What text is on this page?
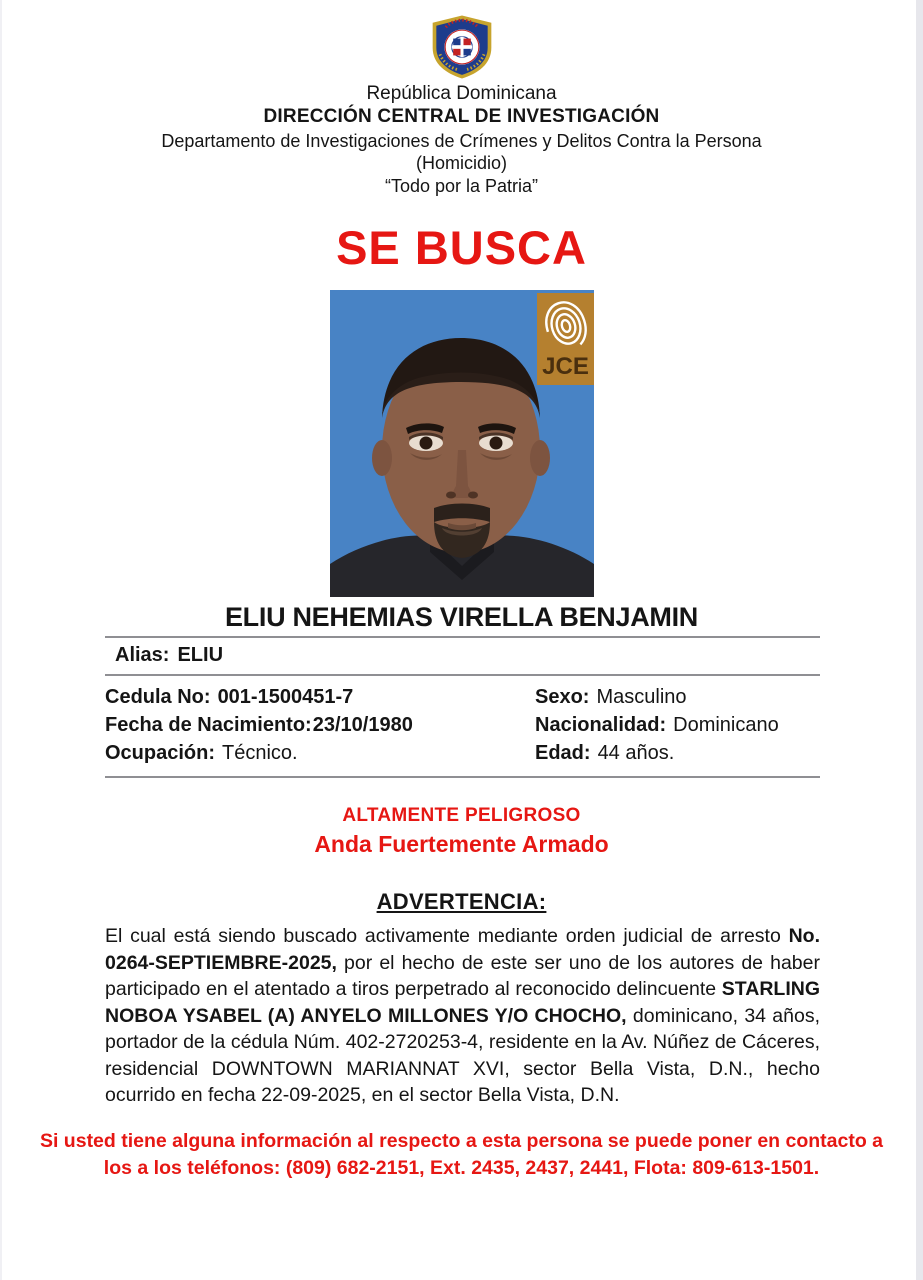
República Dominicana
DIRECCIÓN CENTRAL DE INVESTIGACIÓN
Departamento de Investigaciones de Crímenes y Delitos Contra la Persona
(Homicidio)
“Todo por la Patria”
SE BUSCA
JCE
ELIU NEHEMIAS VIRELLA BENJAMIN
Alias: ELIU
Cedula No: 001-1500451-7	Sexo: Masculino
Fecha de Nacimiento:23/10/1980	Nacionalidad: Dominicano
Ocupación: Técnico.	Edad: 44 años.
ALTAMENTE PELIGROSO
Anda Fuertemente Armado
ADVERTENCIA:

El cual está siendo buscado activamente mediante orden judicial de arresto No. 0264-SEPTIEMBRE-2025, por el hecho de este ser uno de los autores de haber participado en el atentado a tiros perpetrado al reconocido delincuente STARLING NOBOA YSABEL (A) ANYELO MILLONES Y/O CHOCHO, dominicano, 34 años, portador de la cédula Núm. 402-2720253-4, residente en la Av. Núñez de Cáceres, residencial DOWNTOWN MARIANNAT XVI, sector Bella Vista, D.N., hecho ocurrido en fecha 22-09-2025, en el sector Bella Vista, D.N.

Si usted tiene alguna información al respecto a esta persona se puede poner en contacto a los a los teléfonos: (809) 682-2151, Ext. 2435, 2437, 2441, Flota: 809-613-1501.
